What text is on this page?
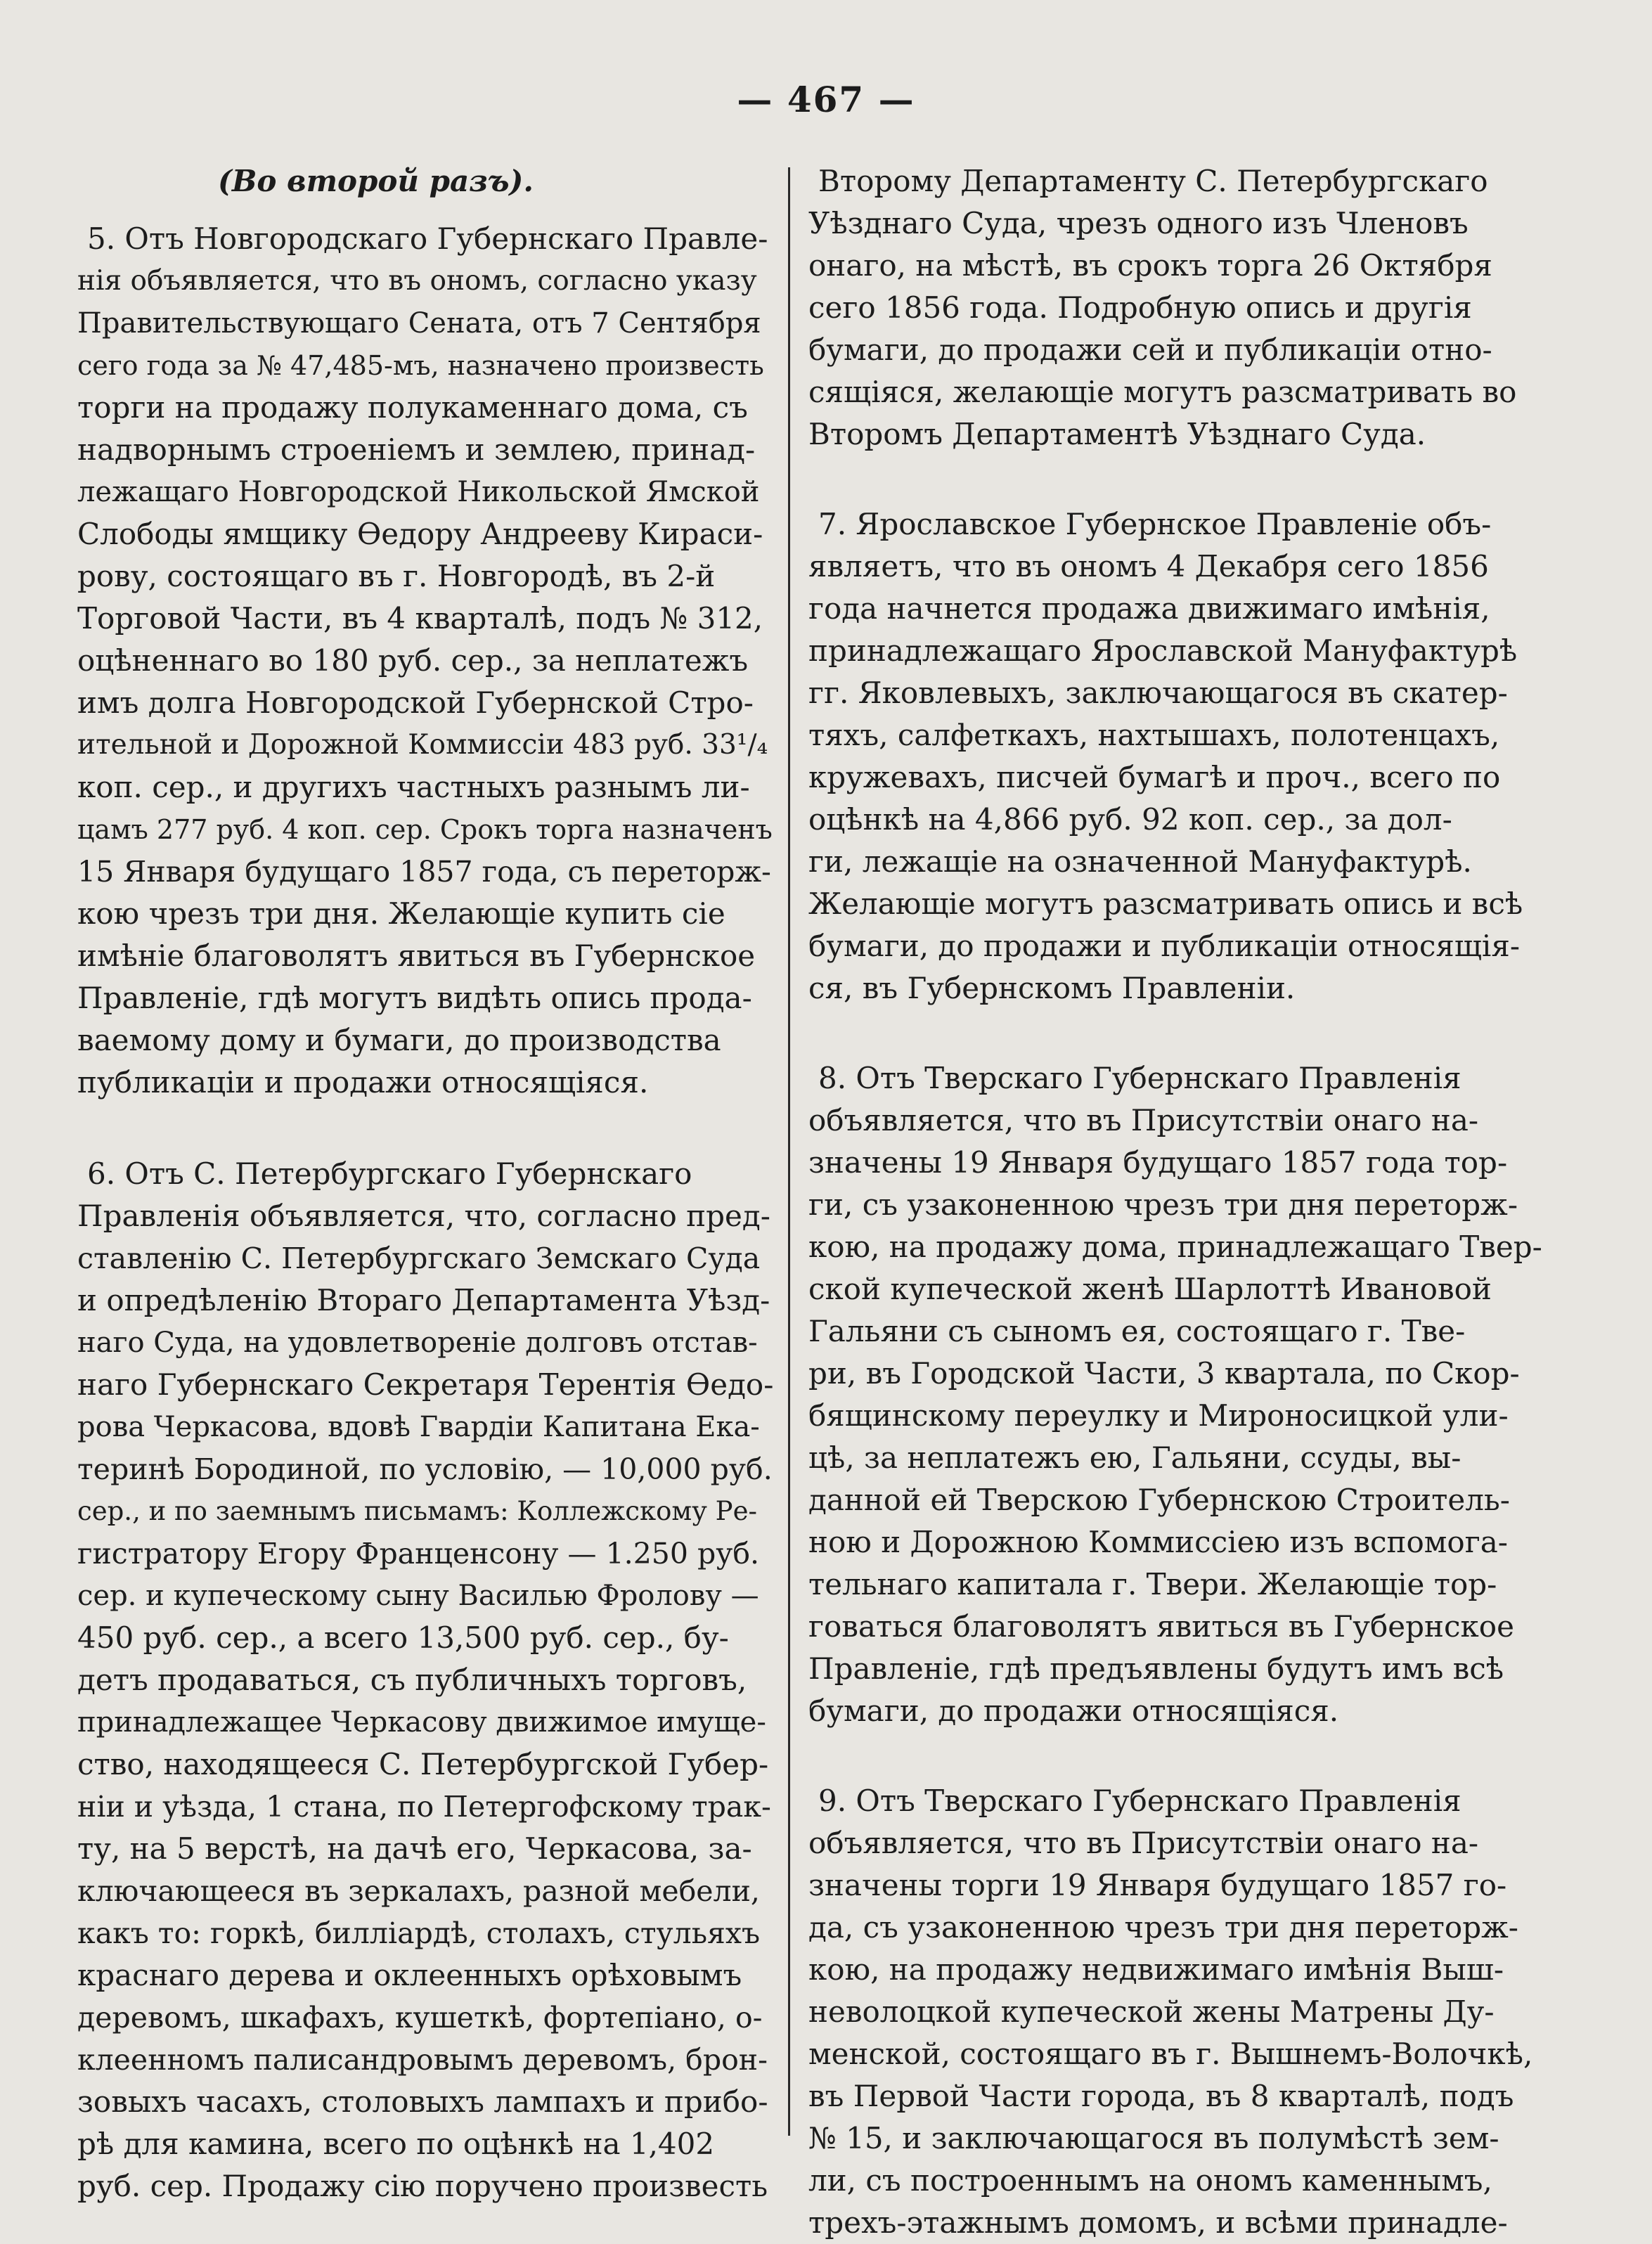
— 467 —
(Во второй разъ).
5. Отъ Новгородскаго Губернскаго Правле-
нія объявляется, что въ ономъ, согласно указу
Правительствующаго Сената, отъ 7 Сентября
сего года за № 47,485-мъ, назначено произвесть
торги на продажу полукаменнаго дома, съ
надворнымъ строеніемъ и землею, принад-
лежащаго Новгородской Никольской Ямской
Слободы ямщику Ѳедору Андрееву Кираси-
рову, состоящаго въ г. Новгородѣ, въ 2-й
Торговой Части, въ 4 кварталѣ, подъ № 312,
оцѣненнаго во 180 руб. сер., за неплатежъ
имъ долга Новгородской Губернской Стро-
ительной и Дорожной Коммиссіи 483 руб. 33¹/₄
коп. сер., и другихъ частныхъ разнымъ ли-
цамъ 277 руб. 4 коп. сер. Срокъ торга назначенъ
15 Января будущаго 1857 года, съ переторж-
кою чрезъ три дня. Желающіе купить сіе
имѣніе благоволятъ явиться въ Губернское
Правленіе, гдѣ могутъ видѣть опись прода-
ваемому дому и бумаги, до производства
публикаціи и продажи относящіяся.
6. Отъ С. Петербургскаго Губернскаго
Правленія объявляется, что, согласно пред-
ставленію С. Петербургскаго Земскаго Суда
и опредѣленію Втораго Департамента Уѣзд-
наго Суда, на удовлетвореніе долговъ отстав-
наго Губернскаго Секретаря Терентія Ѳедо-
рова Черкасова, вдовѣ Гвардіи Капитана Ека-
теринѣ Бородиной, по условію, — 10,000 руб.
сер., и по заемнымъ письмамъ: Коллежскому Ре-
гистратору Егору Франценсону — 1.250 руб.
сер. и купеческому сыну Василью Фролову —
450 руб. сер., а всего 13,500 руб. сер., бу-
детъ продаваться, съ публичныхъ торговъ,
принадлежащее Черкасову движимое имуще-
ство, находящееся С. Петербургской Губер-
ніи и уѣзда, 1 стана, по Петергофскому трак-
ту, на 5 верстѣ, на дачѣ его, Черкасова, за-
ключающееся въ зеркалахъ, разной мебели,
какъ то: горкѣ, билліардѣ, столахъ, стульяхъ
краснаго дерева и оклеенныхъ орѣховымъ
деревомъ, шкафахъ, кушеткѣ, фортепіано, о-
клеенномъ палисандровымъ деревомъ, брон-
зовыхъ часахъ, столовыхъ лампахъ и прибо-
рѣ для камина, всего по оцѣнкѣ на 1,402
руб. сер. Продажу сію поручено произвесть
Второму Департаменту С. Петербургскаго
Уѣзднаго Суда, чрезъ одного изъ Членовъ
онаго, на мѣстѣ, въ срокъ торга 26 Октября
сего 1856 года. Подробную опись и другія
бумаги, до продажи сей и публикаціи отно-
сящіяся, желающіе могутъ разсматривать во
Второмъ Департаментѣ Уѣзднаго Суда.
7. Ярославское Губернское Правленіе объ-
являетъ, что въ ономъ 4 Декабря сего 1856
года начнется продажа движимаго имѣнія,
принадлежащаго Ярославской Мануфактурѣ
гг. Яковлевыхъ, заключающагося въ скатер-
тяхъ, салфеткахъ, нахтышахъ, полотенцахъ,
кружевахъ, писчей бумагѣ и проч., всего по
оцѣнкѣ на 4,866 руб. 92 коп. сер., за дол-
ги, лежащіе на означенной Мануфактурѣ.
Желающіе могутъ разсматривать опись и всѣ
бумаги, до продажи и публикаціи относящія-
ся, въ Губернскомъ Правленіи.
8. Отъ Тверскаго Губернскаго Правленія
объявляется, что въ Присутствіи онаго на-
значены 19 Января будущаго 1857 года тор-
ги, съ узаконенною чрезъ три дня переторж-
кою, на продажу дома, принадлежащаго Твер-
ской купеческой женѣ Шарлоттѣ Ивановой
Гальяни съ сыномъ ея, состоящаго г. Тве-
ри, въ Городской Части, 3 квартала, по Скор-
бящинскому переулку и Мироносицкой ули-
цѣ, за неплатежъ ею, Гальяни, ссуды, вы-
данной ей Тверскою Губернскою Строитель-
ною и Дорожною Коммиссіею изъ вспомога-
тельнаго капитала г. Твери. Желающіе тор-
говаться благоволятъ явиться въ Губернское
Правленіе, гдѣ предъявлены будутъ имъ всѣ
бумаги, до продажи относящіяся.
9. Отъ Тверскаго Губернскаго Правленія
объявляется, что въ Присутствіи онаго на-
значены торги 19 Января будущаго 1857 го-
да, съ узаконенною чрезъ три дня переторж-
кою, на продажу недвижимаго имѣнія Выш-
неволоцкой купеческой жены Матрены Ду-
менской, состоящаго въ г. Вышнемъ-Волочкѣ,
въ Первой Части города, въ 8 кварталѣ, подъ
№ 15, и заключающагося въ полумѣстѣ зем-
ли, съ построеннымъ на ономъ каменнымъ,
трехъ-этажнымъ домомъ, и всѣми принадле-
